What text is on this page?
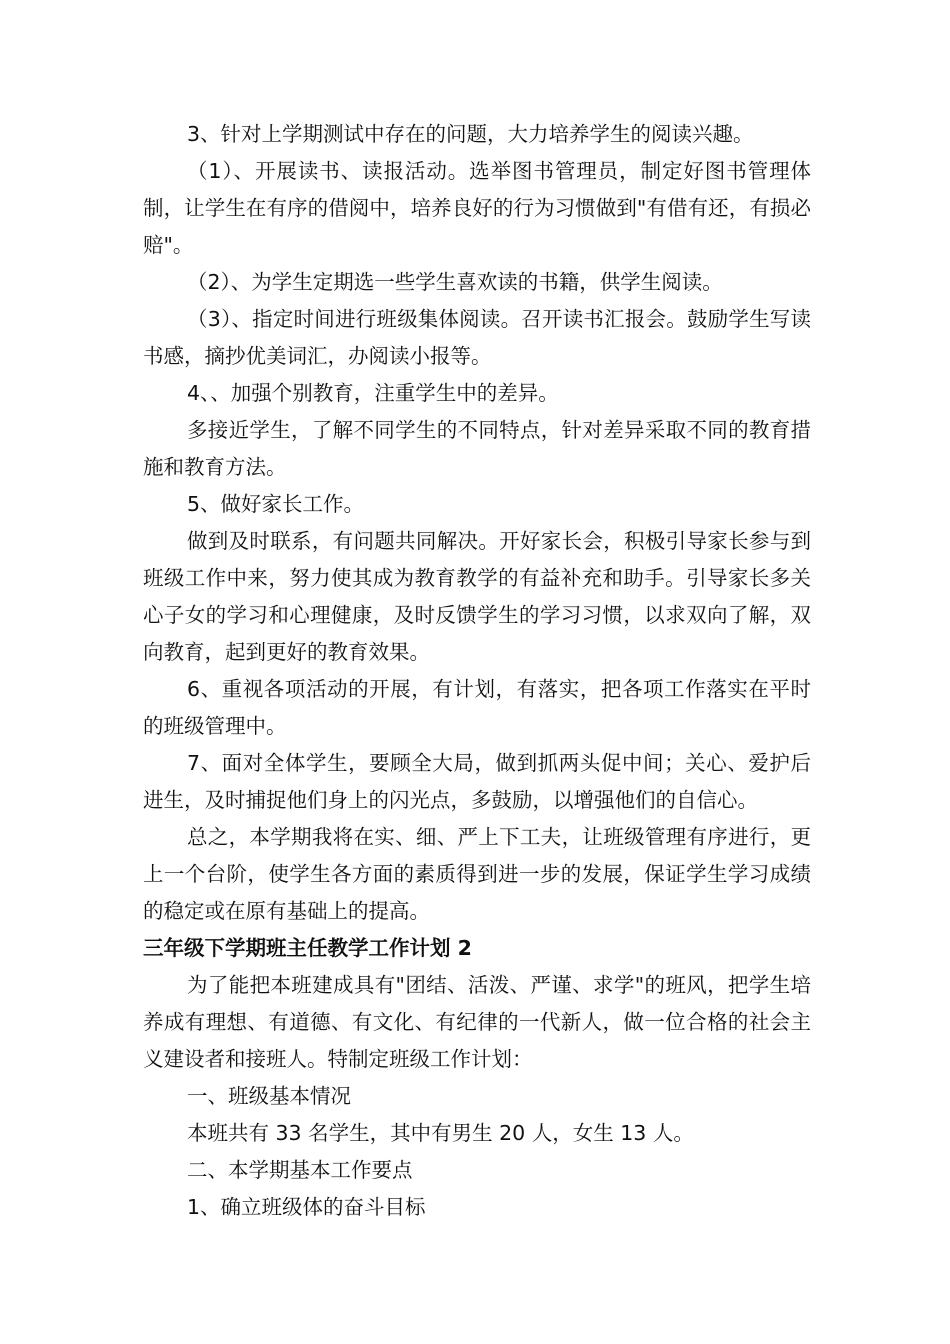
3、针对上学期测试中存在的问题，大力培养学生的阅读兴趣。

（1）、开展读书、读报活动。选举图书管理员，制定好图书管理体制，让学生在有序的借阅中，培养良好的行为习惯做到"有借有还，有损必赔"。

（2）、为学生定期选一些学生喜欢读的书籍，供学生阅读。

（3）、指定时间进行班级集体阅读。召开读书汇报会。鼓励学生写读书感，摘抄优美词汇，办阅读小报等。

4、、加强个别教育，注重学生中的差异。

多接近学生，了解不同学生的不同特点，针对差异采取不同的教育措施和教育方法。

5、做好家长工作。

做到及时联系，有问题共同解决。开好家长会，积极引导家长参与到班级工作中来，努力使其成为教育教学的有益补充和助手。引导家长多关心子女的学习和心理健康，及时反馈学生的学习习惯，以求双向了解，双向教育，起到更好的教育效果。

6、重视各项活动的开展，有计划，有落实，把各项工作落实在平时的班级管理中。

7、面对全体学生，要顾全大局，做到抓两头促中间；关心、爱护后进生，及时捕捉他们身上的闪光点，多鼓励，以增强他们的自信心。

总之，本学期我将在实、细、严上下工夫，让班级管理有序进行，更上一个台阶，使学生各方面的素质得到进一步的发展，保证学生学习成绩的稳定或在原有基础上的提高。

三年级下学期班主任教学工作计划 2

为了能把本班建成具有"团结、活泼、严谨、求学"的班风，把学生培养成有理想、有道德、有文化、有纪律的一代新人，做一位合格的社会主义建设者和接班人。特制定班级工作计划：

一、班级基本情况

本班共有 33 名学生，其中有男生 20 人，女生 13 人。

二、本学期基本工作要点

1、确立班级体的奋斗目标
